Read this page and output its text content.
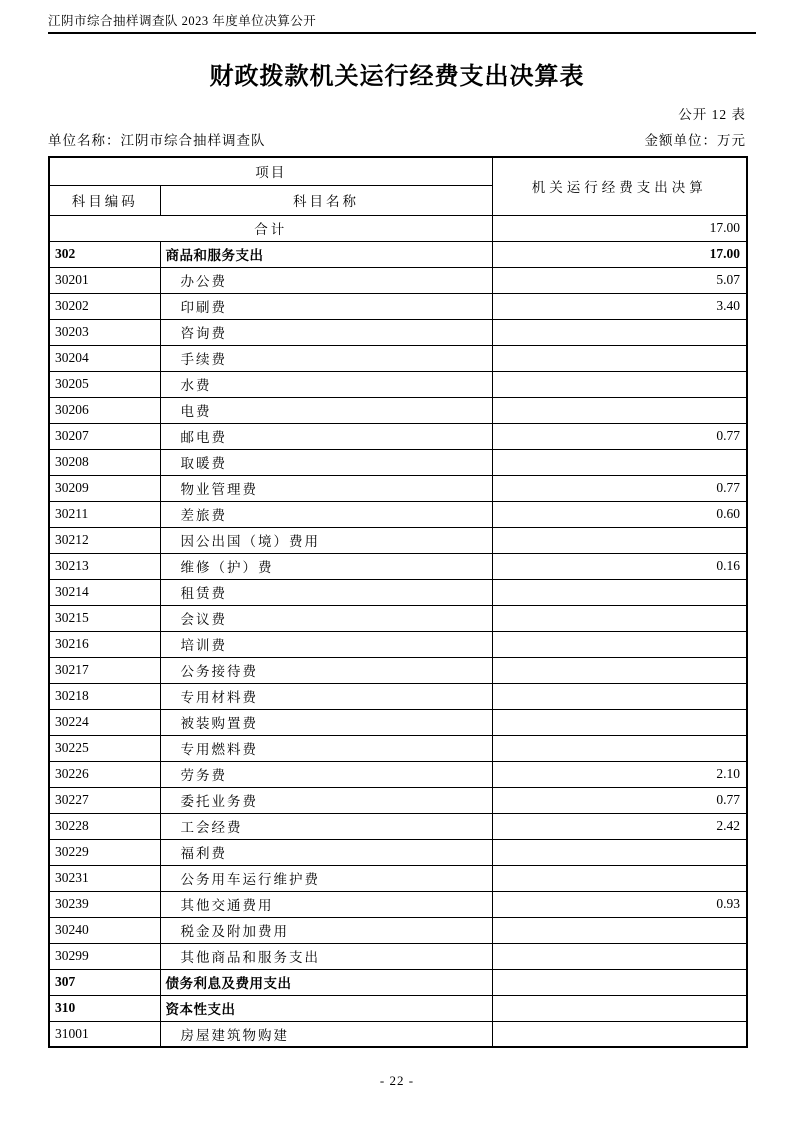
江阴市综合抽样调查队 2023 年度单位决算公开
财政拨款机关运行经费支出决算表
公开 12 表
单位名称：江阴市综合抽样调查队	金额单位：万元
项目		机关运行经费支出决算
科目编码	科目名称	
合计		17.00
302	商品和服务支出	17.00
30201	办公费	5.07
30202	印刷费	3.40
30203	咨询费	
30204	手续费	
30205	水费	
30206	电费	
30207	邮电费	0.77
30208	取暖费	
30209	物业管理费	0.77
30211	差旅费	0.60
30212	因公出国（境）费用	
30213	维修（护）费	0.16
30214	租赁费	
30215	会议费	
30216	培训费	
30217	公务接待费	
30218	专用材料费	
30224	被装购置费	
30225	专用燃料费	
30226	劳务费	2.10
30227	委托业务费	0.77
30228	工会经费	2.42
30229	福利费	
30231	公务用车运行维护费	
30239	其他交通费用	0.93
30240	税金及附加费用	
30299	其他商品和服务支出	
307	债务利息及费用支出	
310	资本性支出	
31001	房屋建筑物购建	
- 22 -
